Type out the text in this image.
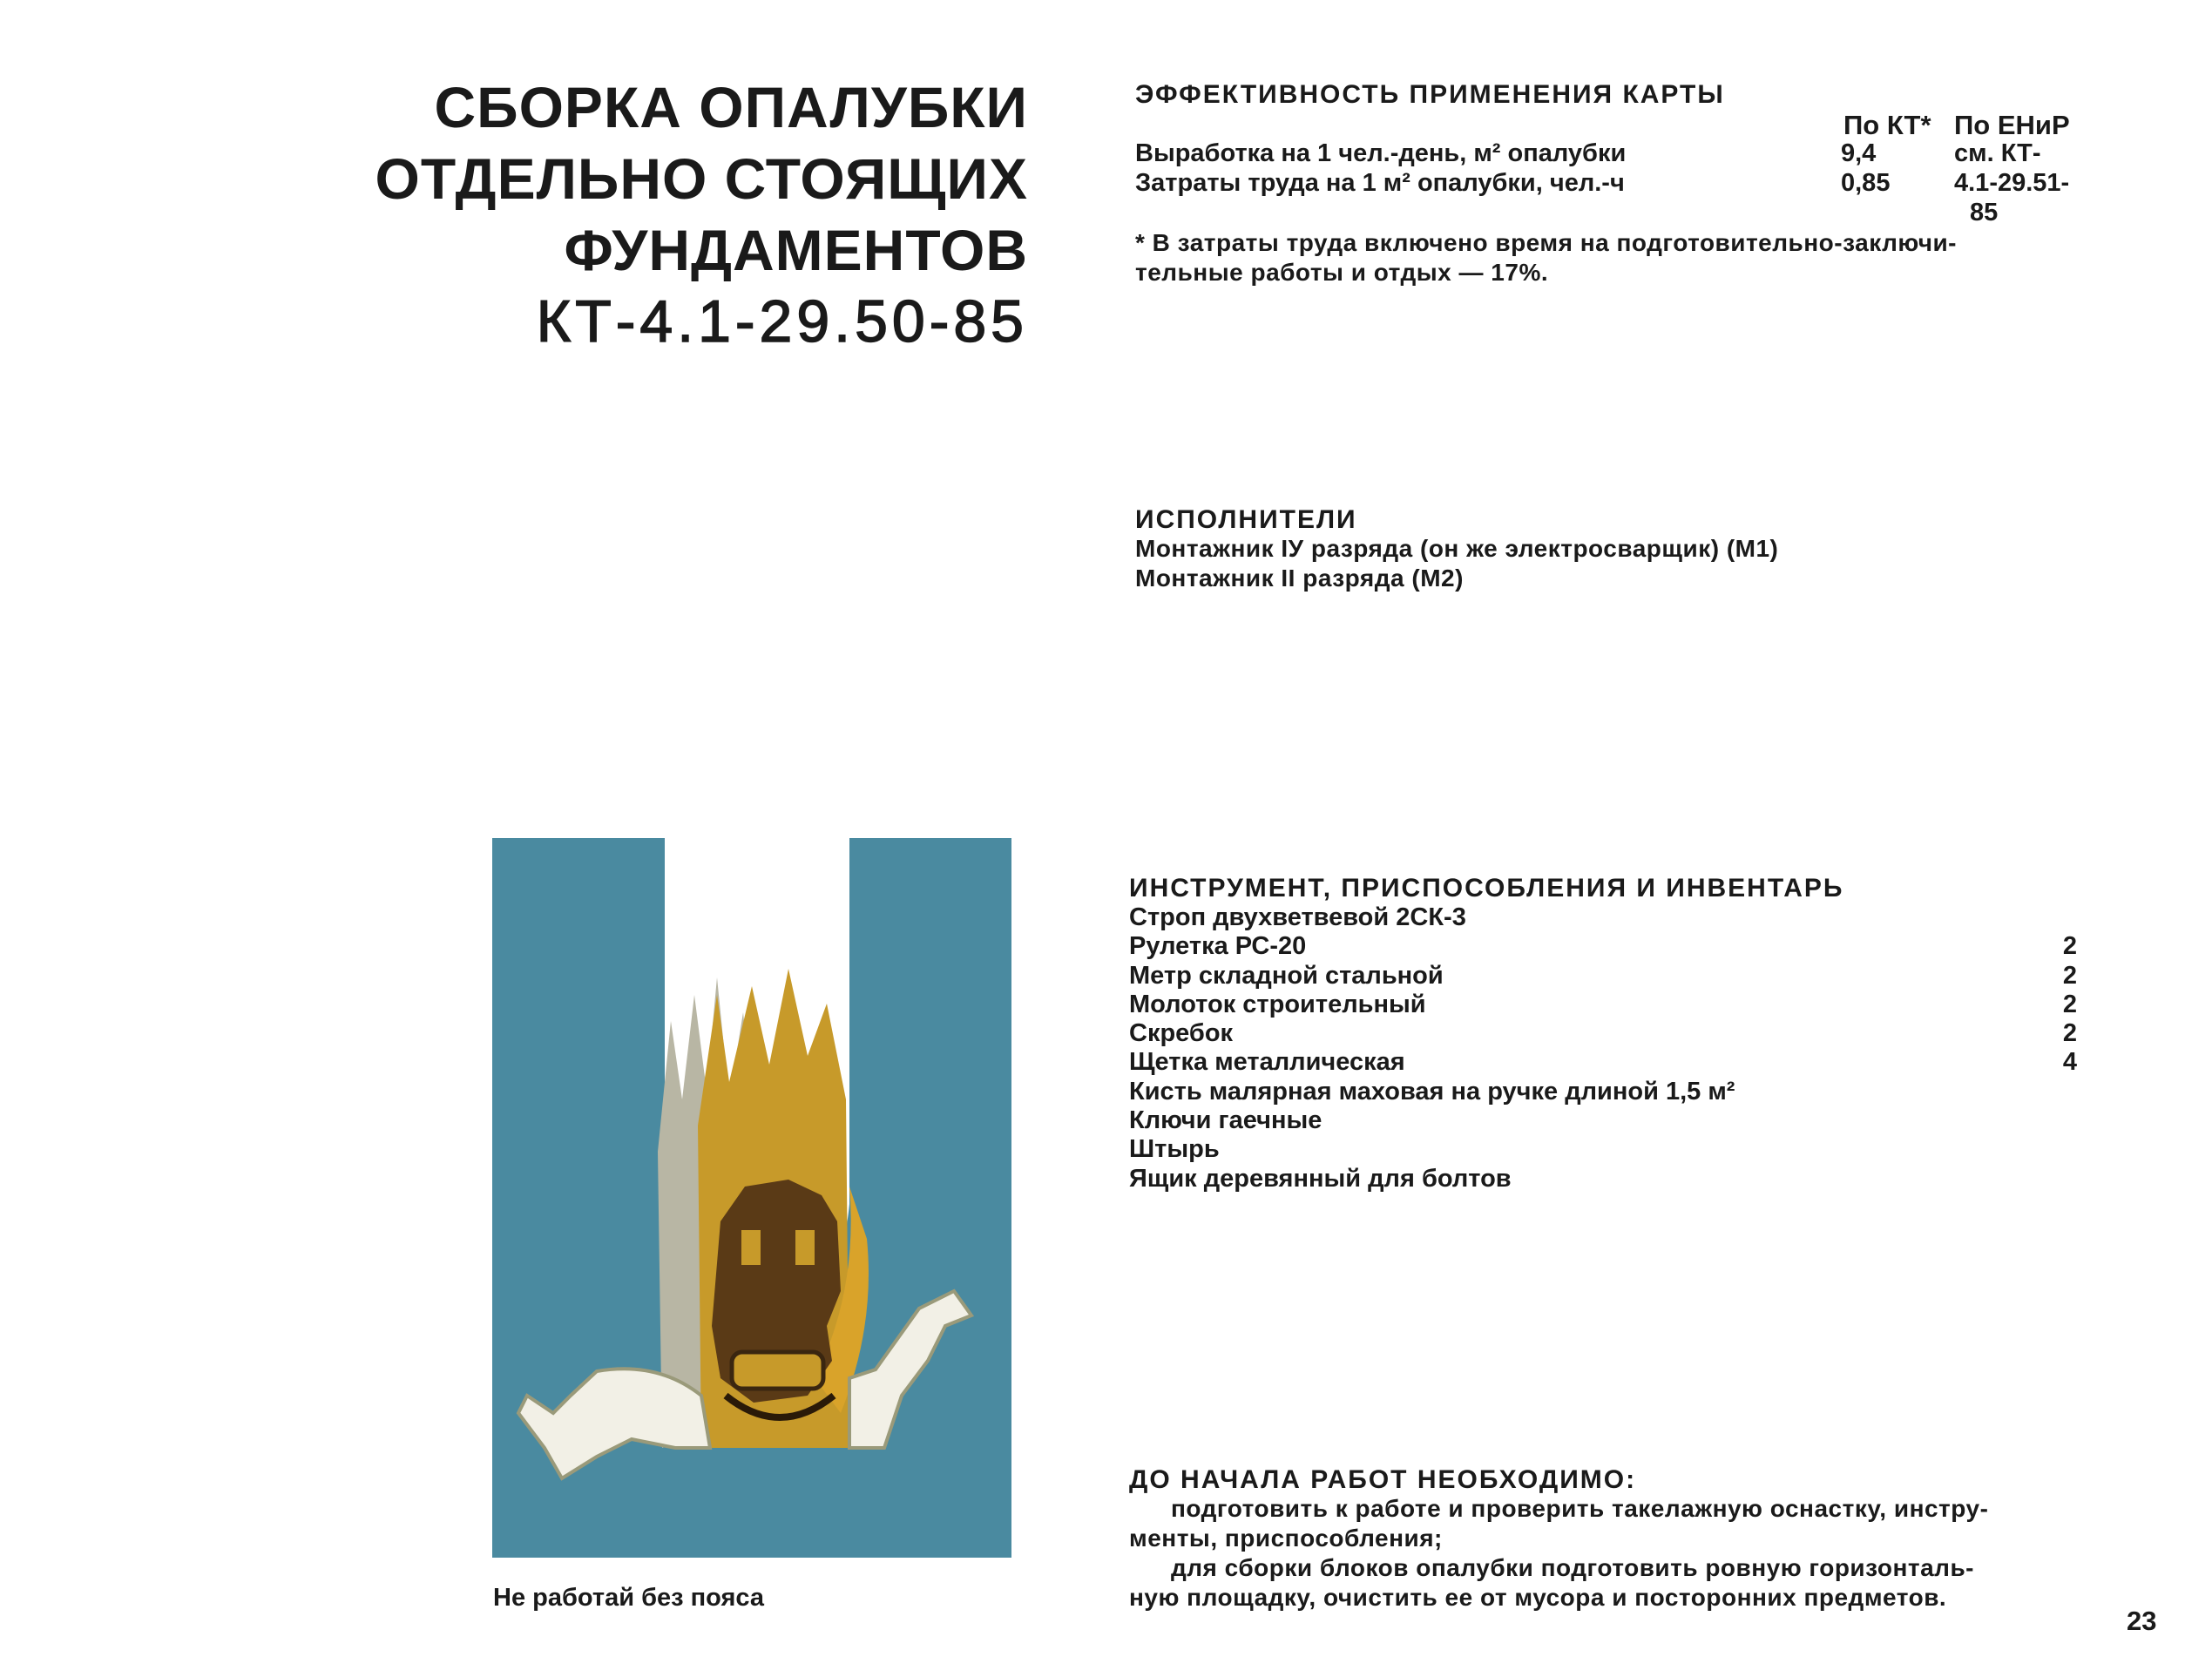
СБОРКА ОПАЛУБКИ
ОТДЕЛЬНО СТОЯЩИХ
ФУНДАМЕНТОВ
КТ-4.1-29.50-85
ЭФФЕКТИВНОСТЬ ПРИМЕНЕНИЯ КАРТЫ
По КТ* По ЕНиР
Выработка на 1 чел.-день, м² опалубки	9,4	см. КТ-
Затраты труда на 1 м² опалубки, чел.-ч	0,85	4.1-29.51-
85
* В затраты труда включено время на подготовительно-заключи-
тельные работы и отдых — 17%.
ИСПОЛНИТЕЛИ
Монтажник IУ разряда (он же электросварщик) (М1)
Монтажник II разряда (М2)
ИНСТРУМЕНТ, ПРИСПОСОБЛЕНИЯ И ИНВЕНТАРЬ
Строп двухветвевой 2СК-3
Рулетка РС-20	2
Метр складной стальной	2
Молоток строительный	2
Скребок	2
Щетка металлическая	4
Кисть малярная маховая на ручке длиной 1,5 м²
Ключи гаечные
Штырь
Ящик деревянный для болтов
ДО НАЧАЛА РАБОТ НЕОБХОДИМО:
подготовить к работе и проверить такелажную оснастку, инстру-
менты, приспособления;
для сборки блоков опалубки подготовить ровную горизонталь-
ную площадку, очистить ее от мусора и посторонних предметов.
Не работай без пояса
23
